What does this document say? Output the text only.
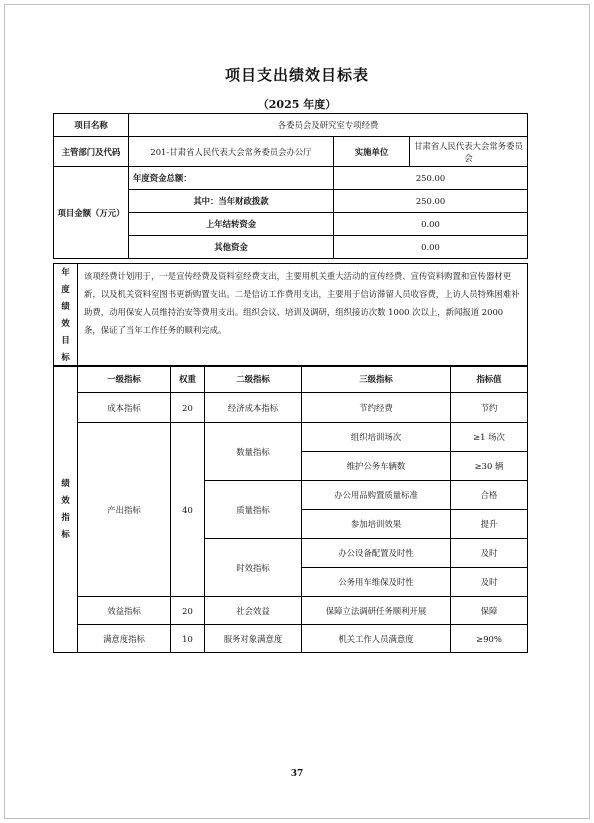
项目支出绩效目标表
（2025 年度）
项目名称	各委员会及研究室专项经费		
主管部门及代码	201-甘肃省人民代表大会常务委员会办公厅	实施单位	甘肃省人民代表大会常务委员会
项目金额（万元）	年度资金总额：	250.00	
	其中：当年财政拨款	250.00	
	上年结转资金	0.00	
	其他资金	0.00	
年
度
绩
效
目
标
	该项经费计划用于，一是宣传经费及资料室经费支出，主要用机关重大活动的宣传经费、宣传资料购置和宣传器材更新，以及机关资料室图书更新购置支出。二是信访工作费用支出，主要用于信访滞留人员收容费，上访人员特殊困难补助费，动用保安人员维持治安等费用支出。组织会议、培训及调研，组织接访次数 1000 次以上，新闻报道 2000 条，保证了当年工作任务的顺利完成。
绩
效
指
标	一级指标	权重	二级指标	三级指标	指标值
	成本指标	20	经济成本指标	节约经费	节约
	产出指标	40	数量指标	组织培训场次	≥1 场次
				维护公务车辆数	≥30 辆
			质量指标	办公用品购置质量标准	合格
				参加培训效果	提升
			时效指标	办公设备配置及时性	及时
				公务用车维保及时性	及时
	效益指标	20	社会效益	保障立法调研任务顺利开展	保障
	满意度指标	10	服务对象满意度	机关工作人员满意度	≥90%
37
